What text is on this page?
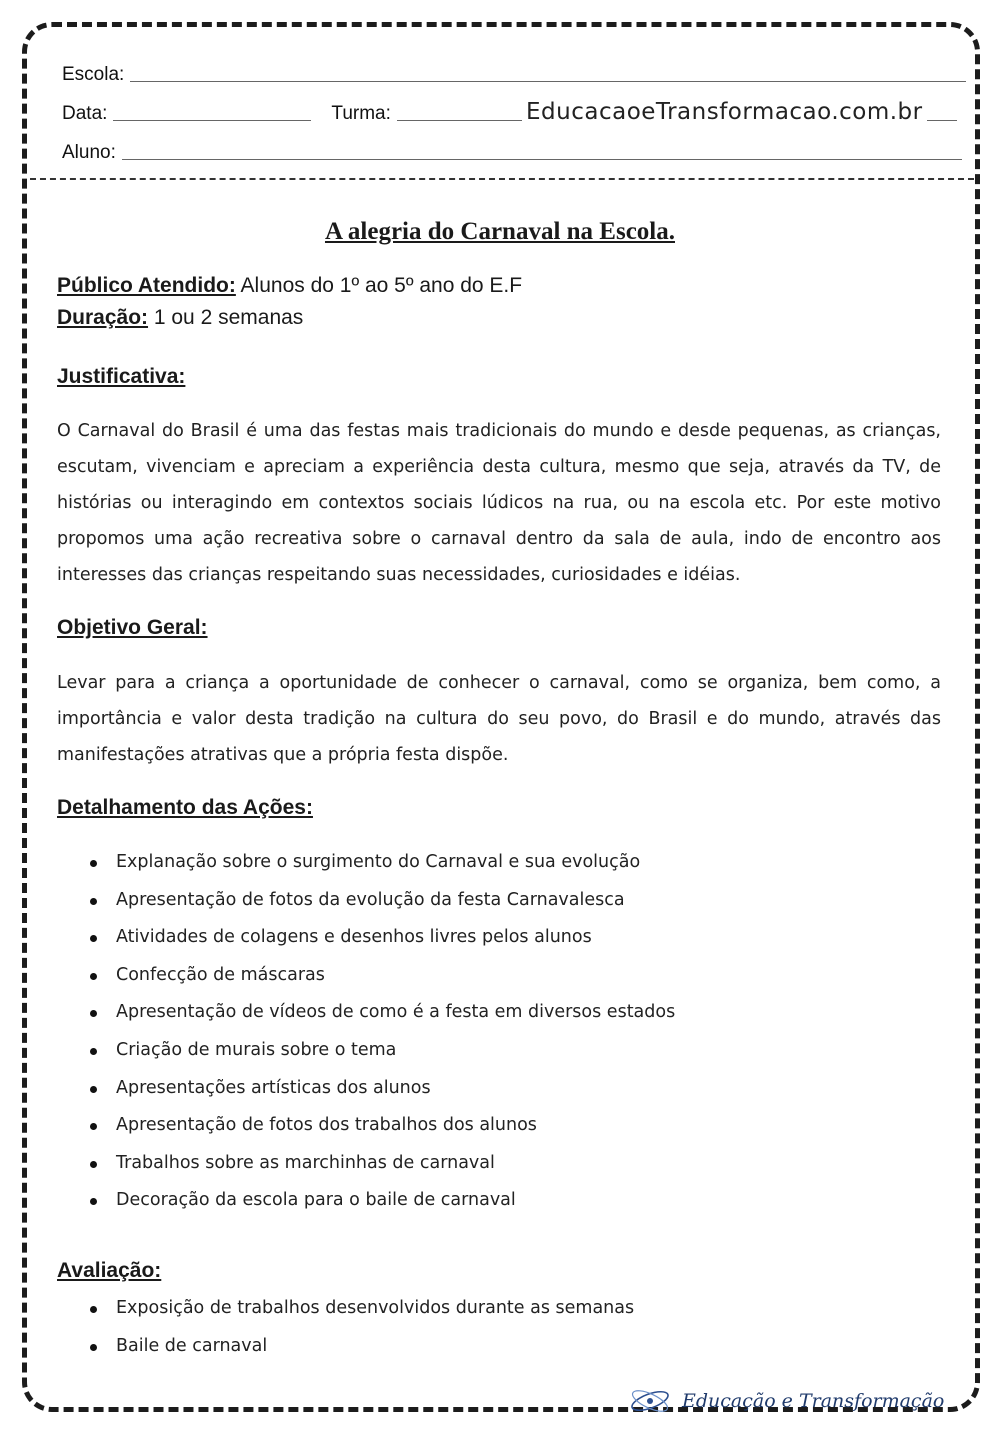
Escola:
Data:	Turma:	EducacaoeTransformacao.com.br
Aluno:
A alegria do Carnaval na Escola.
Público Atendido: Alunos do 1º ao 5º ano do E.F
Duração: 1 ou 2 semanas
Justificativa:

O Carnaval do Brasil é uma das festas mais tradicionais do mundo e desde pequenas, as crianças, escutam, vivenciam e apreciam a experiência desta cultura, mesmo que seja, através da TV, de histórias ou interagindo em contextos sociais lúdicos na rua, ou na escola etc. Por este motivo propomos uma ação recreativa sobre o carnaval dentro da sala de aula, indo de encontro aos interesses das crianças respeitando suas necessidades, curiosidades e idéias.

Objetivo Geral:

Levar para a criança a oportunidade de conhecer o carnaval, como se organiza, bem como, a importância e valor desta tradição na cultura do seu povo, do Brasil e do mundo, através das manifestações atrativas que a própria festa dispõe.

Detalhamento das Ações:
Explanação sobre o surgimento do Carnaval e sua evolução
Apresentação de fotos da evolução da festa Carnavalesca
Atividades de colagens e desenhos livres pelos alunos
Confecção de máscaras
Apresentação de vídeos de como é a festa em diversos estados
Criação de murais sobre o tema
Apresentações artísticas dos alunos
Apresentação de fotos dos trabalhos dos alunos
Trabalhos sobre as marchinhas de carnaval
Decoração da escola para o baile de carnaval
Avaliação:
Exposição de trabalhos desenvolvidos durante as semanas
Baile de carnaval
Educação e Transformação
